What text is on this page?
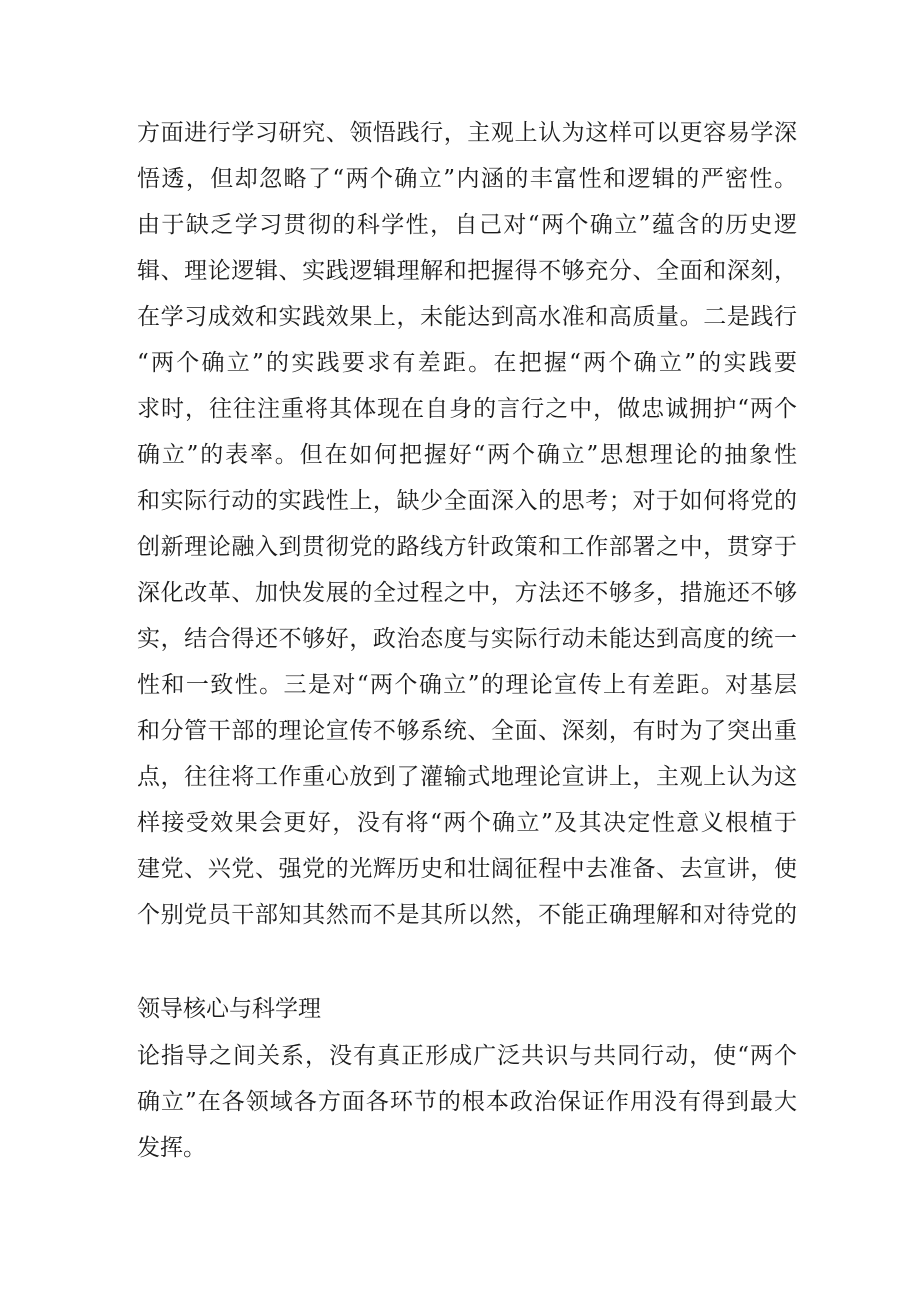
方面进行学习研究、领悟践行，主观上认为这样可以更容易学深
悟透，但却忽略了“两个确立”内涵的丰富性和逻辑的严密性。
由于缺乏学习贯彻的科学性，自己对“两个确立”蕴含的历史逻
辑、理论逻辑、实践逻辑理解和把握得不够充分、全面和深刻，
在学习成效和实践效果上，未能达到高水准和高质量。二是践行
“两个确立”的实践要求有差距。在把握“两个确立”的实践要
求时，往往注重将其体现在自身的言行之中，做忠诚拥护“两个
确立”的表率。但在如何把握好“两个确立”思想理论的抽象性
和实际行动的实践性上，缺少全面深入的思考；对于如何将党的
创新理论融入到贯彻党的路线方针政策和工作部署之中，贯穿于
深化改革、加快发展的全过程之中，方法还不够多，措施还不够
实，结合得还不够好，政治态度与实际行动未能达到高度的统一
性和一致性。三是对“两个确立”的理论宣传上有差距。对基层
和分管干部的理论宣传不够系统、全面、深刻，有时为了突出重
点，往往将工作重心放到了灌输式地理论宣讲上，主观上认为这
样接受效果会更好，没有将“两个确立”及其决定性意义根植于
建党、兴党、强党的光辉历史和壮阔征程中去准备、去宣讲，使
个别党员干部知其然而不是其所以然，不能正确理解和对待党的
领导核心与科学理
论指导之间关系，没有真正形成广泛共识与共同行动，使“两个
确立”在各领域各方面各环节的根本政治保证作用没有得到最大
发挥。
